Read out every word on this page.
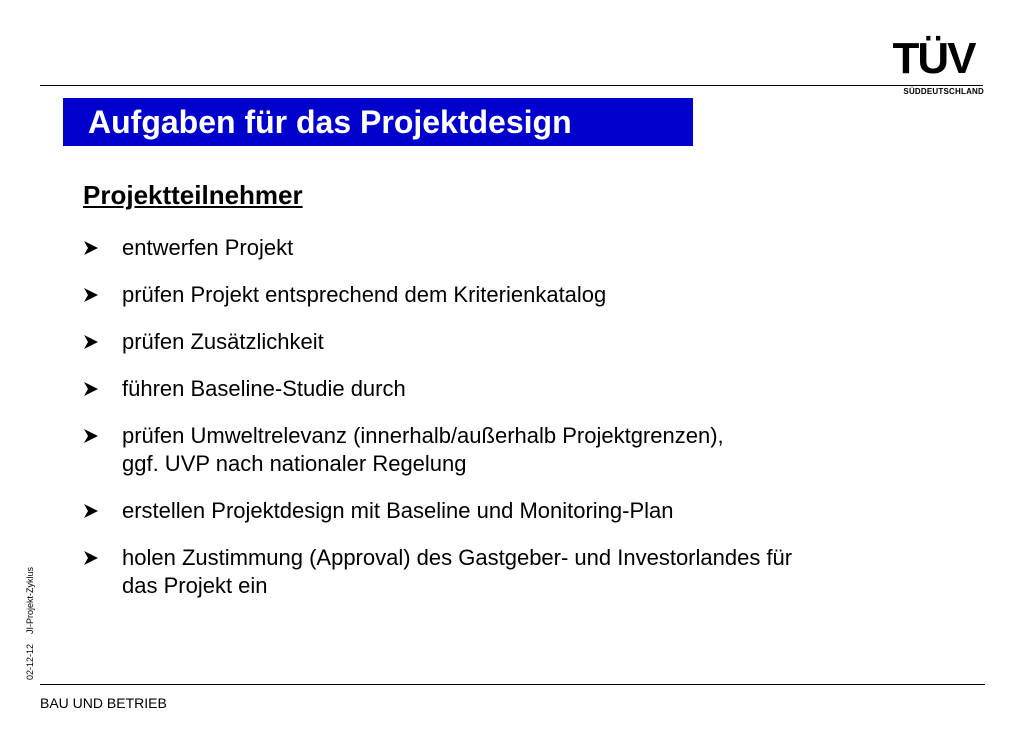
TÜV
SÜDDEUTSCHLAND
Aufgaben für das Projektdesign
Projektteilnehmer
entwerfen Projekt
prüfen Projekt entsprechend dem Kriterienkatalog
prüfen Zusätzlichkeit
führen Baseline-Studie durch
prüfen Umweltrelevanz (innerhalb/außerhalb Projektgrenzen),
ggf. UVP nach nationaler Regelung
erstellen Projektdesign mit Baseline und Monitoring-Plan
holen Zustimmung (Approval) des Gastgeber- und Investorlandes für
das Projekt ein
02-12-12JI-Projekt-Zyklus
BAU UND BETRIEB
